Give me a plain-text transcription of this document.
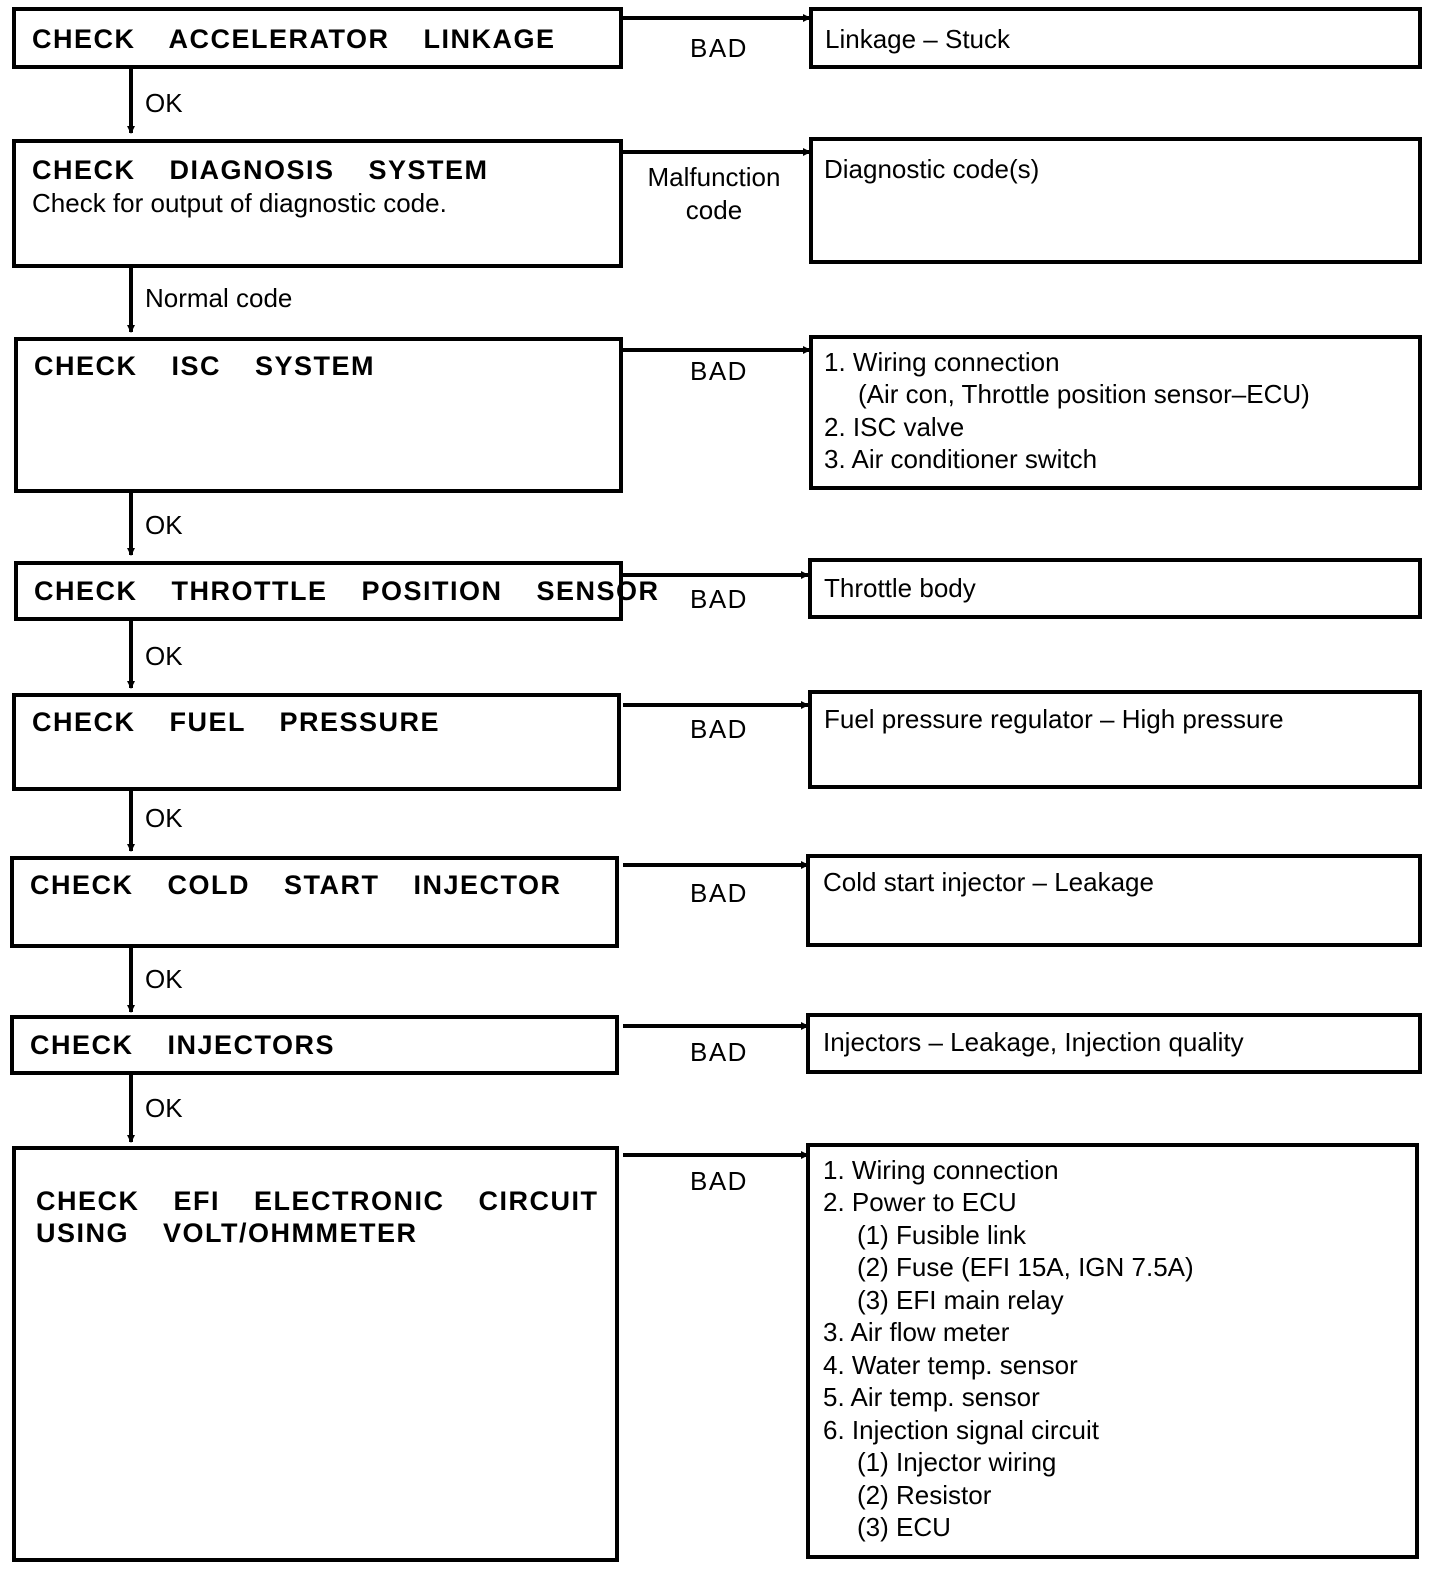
CHECK  ACCELERATOR  LINKAGE	BAD	Linkage – Stuck
OK
CHECK  DIAGNOSIS  SYSTEM
Check for output of diagnostic code.
Malfunction
code
Diagnostic code(s)
Normal code
CHECK  ISC  SYSTEM	BAD	1. Wiring connection
(Air con, Throttle position sensor–ECU)
2. ISC valve
3. Air conditioner switch
OK
CHECK  THROTTLE  POSITION  SENSOR BAD	Throttle body
OK
CHECK  FUEL  PRESSURE	BAD	Fuel pressure regulator – High pressure
OK
CHECK  COLD  START  INJECTOR	BAD	Cold start injector – Leakage
OK
CHECK  INJECTORS	BAD	Injectors – Leakage, Injection quality
OK
CHECK  EFI  ELECTRONIC  CIRCUIT
USING  VOLT/OHMMETER
BAD	1. Wiring connection
2. Power to ECU
(1) Fusible link
(2) Fuse (EFI 15A, IGN 7.5A)
(3) EFI main relay
3. Air flow meter
4. Water temp. sensor
5. Air temp. sensor
6. Injection signal circuit
(1) Injector wiring
(2) Resistor
(3) ECU
